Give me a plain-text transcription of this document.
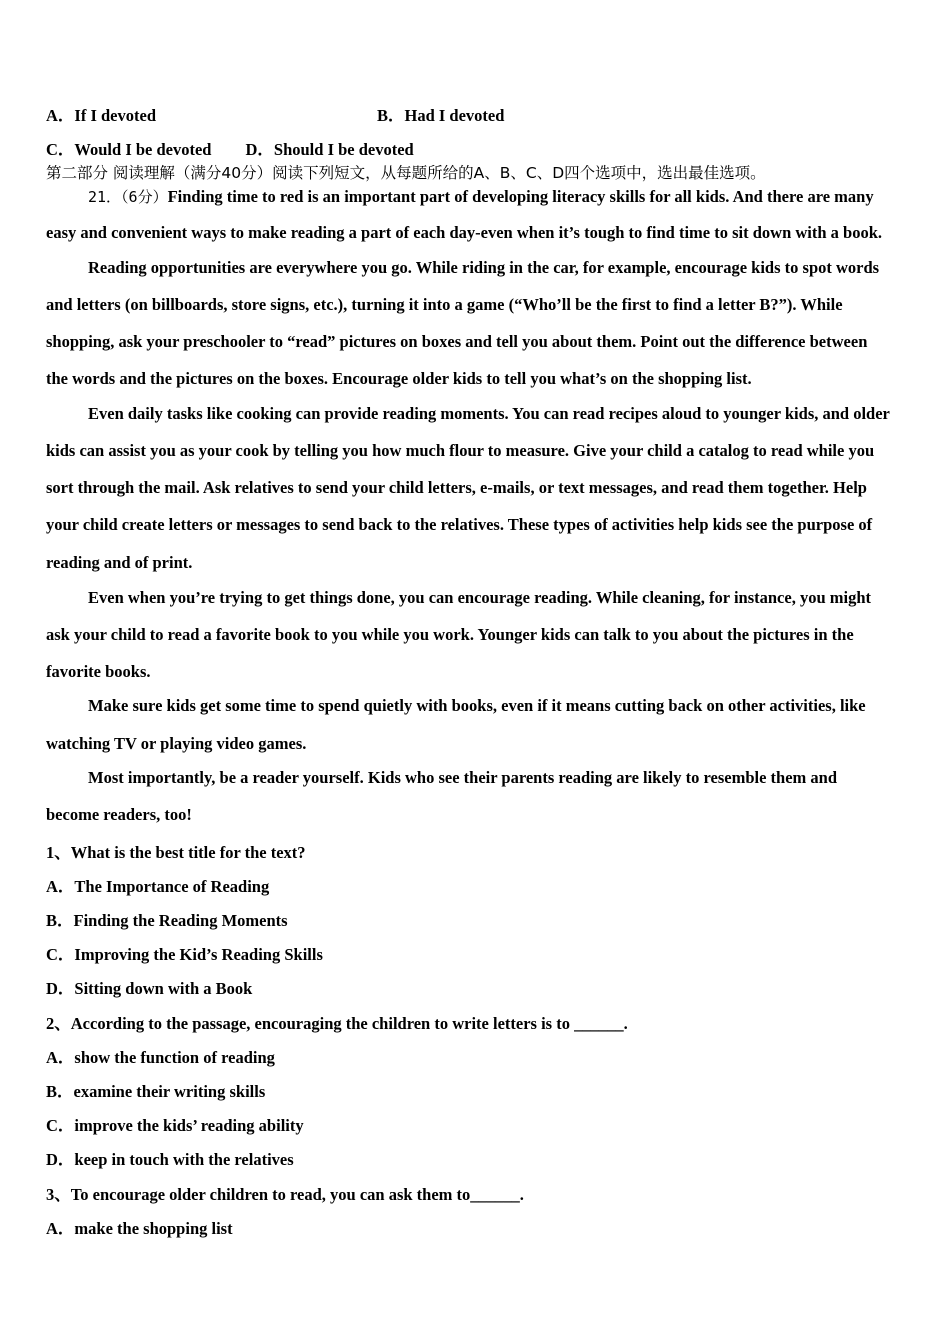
A．If I devoted	B．Had I devoted
C．Would I be devoted D．Should I be devoted
第二部分 阅读理解（满分40分）阅读下列短文，从每题所给的A、B、C、D四个选项中，选出最佳选项。
21．（6分）Finding time to red is an important part of developing literacy skills for all kids. And there are many
easy and convenient ways to make reading a part of each day-even when it’s tough to find time to sit down with a book.
Reading opportunities are everywhere you go. While riding in the car, for example, encourage kids to spot words
and letters (on billboards, store signs, etc.), turning it into a game (“Who’ll be the first to find a letter B?”). While
shopping, ask your preschooler to “read” pictures on boxes and tell you about them. Point out the difference between
the words and the pictures on the boxes. Encourage older kids to tell you what’s on the shopping list.
Even daily tasks like cooking can provide reading moments. You can read recipes aloud to younger kids, and older
kids can assist you as your cook by telling you how much flour to measure. Give your child a catalog to read while you
sort through the mail. Ask relatives to send your child letters, e-mails, or text messages, and read them together. Help
your child create letters or messages to send back to the relatives. These types of activities help kids see the purpose of
reading and of print.
Even when you’re trying to get things done, you can encourage reading. While cleaning, for instance, you might
ask your child to read a favorite book to you while you work. Younger kids can talk to you about the pictures in the
favorite books.
Make sure kids get some time to spend quietly with books, even if it means cutting back on other activities, like
watching TV or playing video games.
Most importantly, be a reader yourself. Kids who see their parents reading are likely to resemble them and
become readers, too!
1、What is the best title for the text?
A．The Importance of Reading
B．Finding the Reading Moments
C．Improving the Kid’s Reading Skills
D．Sitting down with a Book
2、According to the passage, encouraging the children to write letters is to ______.
A．show the function of reading
B．examine their writing skills
C．improve the kids’ reading ability
D．keep in touch with the relatives
3、To encourage older children to read, you can ask them to______.
A．make the shopping list
